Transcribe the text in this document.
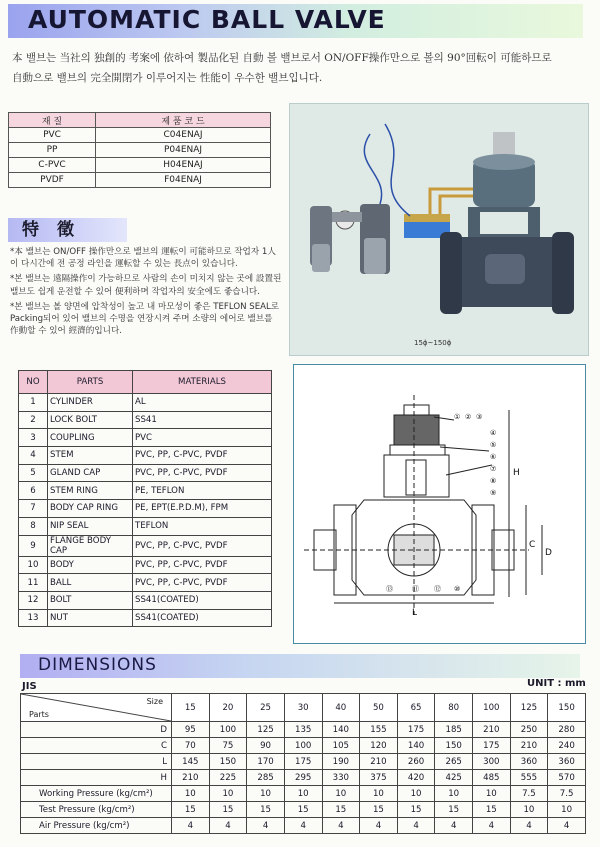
AUTOMATIC BALL VALVE
本 밸브는 当社의 独創的 考案에 依하여 製品化된 自動 볼 밸브로서 ON/OFF操作만으로 볼의 90°回転이 可能하므로
自動으로 밸브의 完全開閉가 이루어지는 性能이 우수한 밸브입니다.
재 질	제 품 코 드
PVC	C04ENAJ
PP	P04ENAJ
C-PVC	H04ENAJ
PVDF	F04ENAJ
特徵

*本 밸브는 ON/OFF 操作만으로 밸브의 運転이 可能하므로 작업자 1人이 다시간에 전 공정 라인을 運転할 수 있는 長点이 있습니다.

*본 밸브는 遠隔操作이 가능하므로 사람의 손이 미치지 않는 곳에 設置된 밸브도 쉽게 운전할 수 있어 便利하며 작업자의 安全에도 좋습니다.

*본 밸브는 볼 양면에 압착성이 높고 내 마모성이 좋은 TEFLON SEAL로 Packing되어 있어 밸브의 수명을 연장시켜 주며 소량의 에어로 밸브를 作動할 수 있어 經濟的입니다.

15ϕ~150ϕ
① ② ③
④
⑤
⑥
⑦
⑧
⑨
⑬	⑪ ⑫ ⑩
H
C
D
L
NO	PARTS	MATERIALS
1	CYLINDER	AL
2	LOCK BOLT	SS41
3	COUPLING	PVC
4	STEM	PVC, PP, C-PVC, PVDF
5	GLAND CAP	PVC, PP, C-PVC, PVDF
6	STEM RING	PE, TEFLON
7	BODY CAP RING	PE, EPT(E.P.D.M), FPM
8	NIP SEAL	TEFLON
9	FLANGE BODY CAP	PVC, PP, C-PVC, PVDF
10	BODY	PVC, PP, C-PVC, PVDF
11	BALL	PVC, PP, C-PVC, PVDF
12	BOLT	SS41(COATED)
13	NUT	SS41(COATED)
DIMENSIONS
JIS	UNIT : mm
Size
Parts	15	20	25	30	40	50	65	80	100	125	150
D	95	100	125	135	140	155	175	185	210	250	280
C	70	75	90	100	105	120	140	150	175	210	240
L	145	150	170	175	190	210	260	265	300	360	360
H	210	225	285	295	330	375	420	425	485	555	570
Working Pressure (kg/cm²)	10	10	10	10	10	10	10	10	10	7.5	7.5
Test Pressure (kg/cm²)	15	15	15	15	15	15	15	15	15	10	10
Air Pressure (kg/cm²)	4	4	4	4	4	4	4	4	4	4	4
